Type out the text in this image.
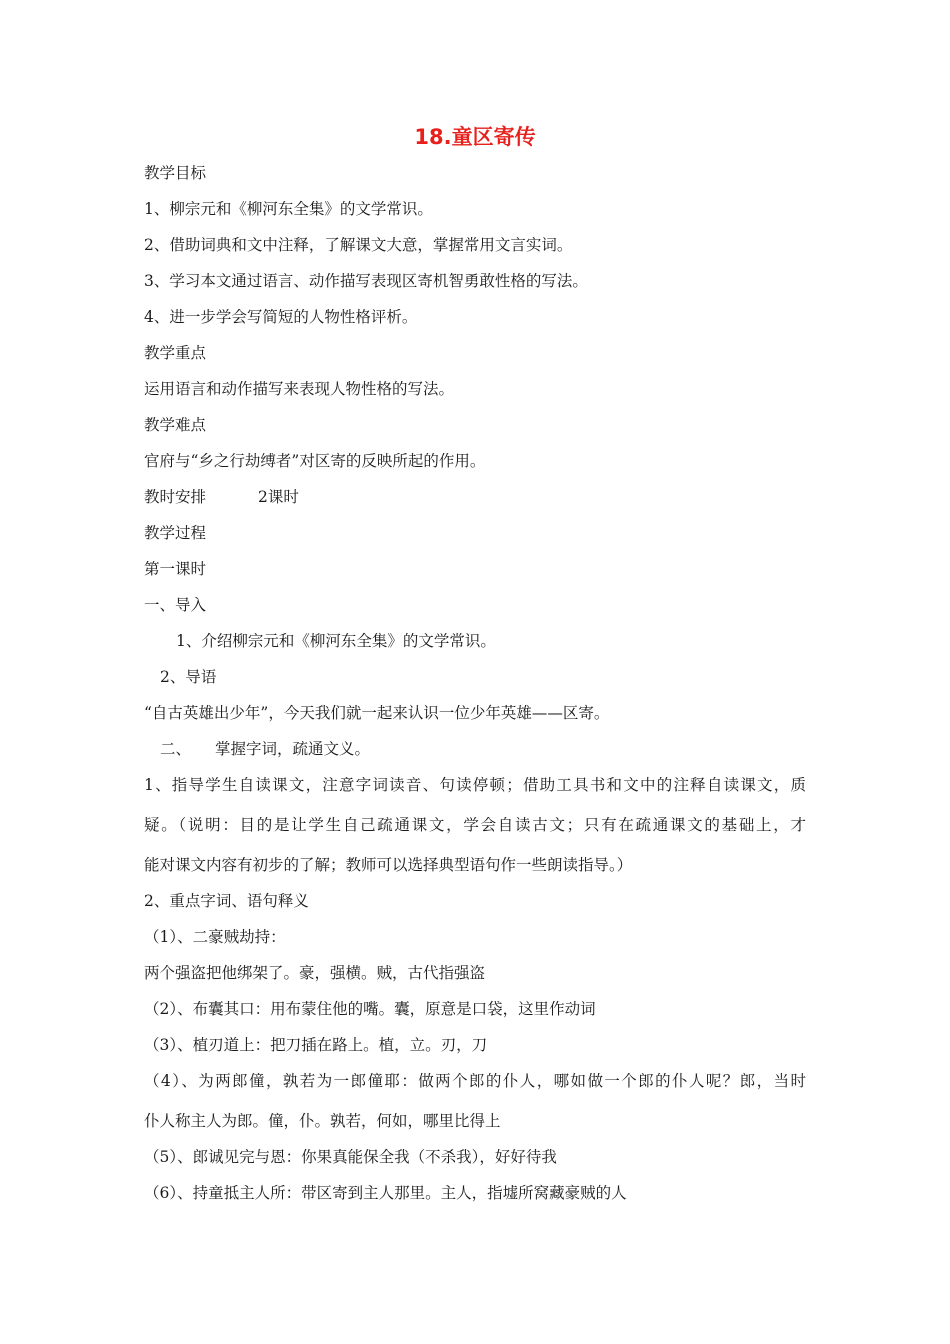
18.童区寄传
教学目标
1、柳宗元和《柳河东全集》的文学常识。
2、借助词典和文中注释，了解课文大意，掌握常用文言实词。
3、学习本文通过语言、动作描写表现区寄机智勇敢性格的写法。
4、进一步学会写简短的人物性格评析。
教学重点
运用语言和动作描写来表现人物性格的写法。
教学难点
官府与“乡之行劫缚者”对区寄的反映所起的作用。
教时安排	2课时
教学过程
第一课时
一、导入
1、介绍柳宗元和《柳河东全集》的文学常识。
2、导语
“自古英雄出少年”，今天我们就一起来认识一位少年英雄——区寄。
二、 掌握字词，疏通文义。
1、指导学生自读课文，注意字词读音、句读停顿；借助工具书和文中的注释自读课文，质
疑。（说明：目的是让学生自己疏通课文，学会自读古文；只有在疏通课文的基础上，才
能对课文内容有初步的了解；教师可以选择典型语句作一些朗读指导。）
2、重点字词、语句释义
（1）、二豪贼劫持：
两个强盗把他绑架了。豪，强横。贼，古代指强盗
（2）、布囊其口：用布蒙住他的嘴。囊，原意是口袋，这里作动词
（3）、植刃道上：把刀插在路上。植，立。刃，刀
（4）、为两郎僮，孰若为一郎僮耶：做两个郎的仆人，哪如做一个郎的仆人呢？郎，当时
仆人称主人为郎。僮，仆。孰若，何如，哪里比得上
（5）、郎诚见完与恩：你果真能保全我（不杀我），好好待我
（6）、持童抵主人所：带区寄到主人那里。主人，指墟所窝藏豪贼的人
